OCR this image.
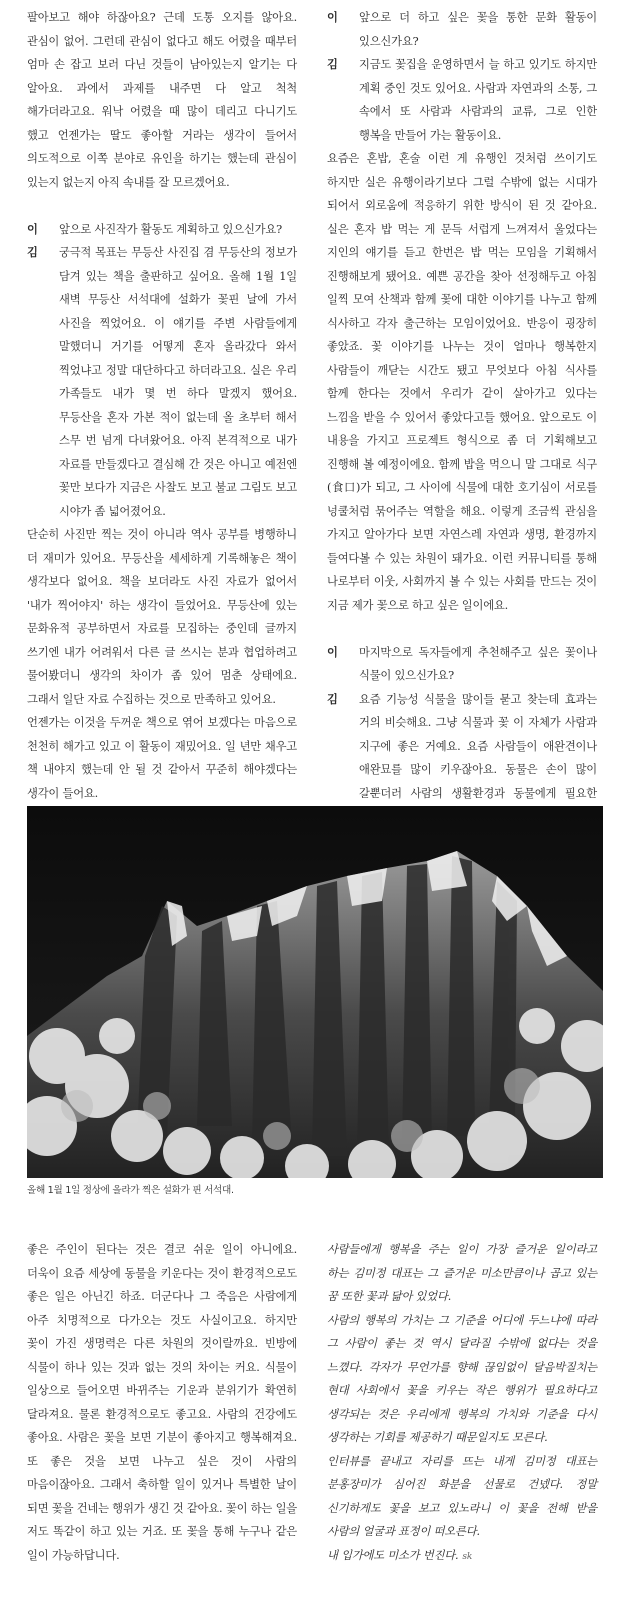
팔아보고 해야 하잖아요? 근데 도통 오지를 않아요. 관심이 없어. 그런데 관심이 없다고 해도 어렸을 때부터 엄마 손 잡고 보러 다닌 것들이 남아있는지 알기는 다 알아요. 과에서 과제를 내주면 다 알고 척척 해가더라고요. 워낙 어렸을 때 많이 데리고 다니기도 했고 언젠가는 딸도 좋아할 거라는 생각이 들어서 의도적으로 이쪽 분야로 유인을 하기는 했는데 관심이 있는지 없는지 아직 속내를 잘 모르겠어요.

이	앞으로 사진작가 활동도 계획하고 있으신가요?
김	궁극적 목표는 무등산 사진집 겸 무등산의 정보가 담겨 있는 책을 출판하고 싶어요. 올해 1월 1일 새벽 무등산 서석대에 설화가 꽃핀 날에 가서 사진을 찍었어요. 이 얘기를 주변 사람들에게 말했더니 거기를 어떻게 혼자 올라갔다 와서 찍었냐고 정말 대단하다고 하더라고요. 실은 우리 가족들도 내가 몇 번 하다 말겠지 했어요. 무등산을 혼자 가본 적이 없는데 올 초부터 해서 스무 번 넘게 다녀왔어요. 아직 본격적으로 내가 자료를 만들겠다고 결심해 간 것은 아니고 예전엔 꽃만 보다가 지금은 사찰도 보고 불교 그림도 보고 시야가 좀 넓어졌어요.

단순히 사진만 찍는 것이 아니라 역사 공부를 병행하니 더 재미가 있어요. 무등산을 세세하게 기록해놓은 책이 생각보다 없어요. 책을 보더라도 사진 자료가 없어서 '내가 찍어야지' 하는 생각이 들었어요. 무등산에 있는 문화유적 공부하면서 자료를 모집하는 중인데 글까지 쓰기엔 내가 어려워서 다른 글 쓰시는 분과 협업하려고 물어봤더니 생각의 차이가 좀 있어 멈춘 상태에요. 그래서 일단 자료 수집하는 것으로 만족하고 있어요.

언젠가는 이것을 두꺼운 책으로 엮어 보겠다는 마음으로 천천히 해가고 있고 이 활동이 재밌어요. 일 년만 채우고 책 내야지 했는데 안 될 것 같아서 꾸준히 해야겠다는 생각이 들어요.

이	앞으로 더 하고 싶은 꽃을 통한 문화 활동이 있으신가요?
김	지금도 꽃집을 운영하면서 늘 하고 있기도 하지만 계획 중인 것도 있어요. 사람과 자연과의 소통, 그 속에서 또 사람과 사람과의 교류, 그로 인한 행복을 만들어 가는 활동이요.

요즘은 혼밥, 혼술 이런 게 유행인 것처럼 쓰이기도 하지만 실은 유행이라기보다 그럴 수밖에 없는 시대가 되어서 외로움에 적응하기 위한 방식이 된 것 같아요. 실은 혼자 밥 먹는 게 문득 서럽게 느껴져서 울었다는 지인의 얘기를 듣고 한번은 밥 먹는 모임을 기획해서 진행해보게 됐어요. 예쁜 공간을 찾아 선정해두고 아침 일찍 모여 산책과 함께 꽃에 대한 이야기를 나누고 함께 식사하고 각자 출근하는 모임이었어요. 반응이 굉장히 좋았죠. 꽃 이야기를 나누는 것이 얼마나 행복한지 사람들이 깨닫는 시간도 됐고 무엇보다 아침 식사를 함께 한다는 것에서 우리가 같이 살아가고 있다는 느낌을 받을 수 있어서 좋았다고들 했어요. 앞으로도 이 내용을 가지고 프로젝트 형식으로 좀 더 기획해보고 진행해 볼 예정이에요. 함께 밥을 먹으니 말 그대로 식구(食口)가 되고, 그 사이에 식물에 대한 호기심이 서로를 넝쿨처럼 묶어주는 역할을 해요. 이렇게 조금씩 관심을 가지고 알아가다 보면 자연스레 자연과 생명, 환경까지 들여다볼 수 있는 차원이 돼가요. 이런 커뮤니티를 통해 나로부터 이웃, 사회까지 볼 수 있는 사회를 만드는 것이 지금 제가 꽃으로 하고 싶은 일이에요.

이	마지막으로 독자들에게 추천해주고 싶은 꽃이나 식물이 있으신가요?
김	요즘 기능성 식물을 많이들 묻고 찾는데 효과는 거의 비슷해요. 그냥 식물과 꽃 이 자체가 사람과 지구에 좋은 거예요. 요즘 사람들이 애완견이나 애완묘를 많이 키우잖아요. 동물은 손이 많이 갈뿐더러 사람의 생활환경과 동물에게 필요한
올해 1월 1일 정상에 올라가 찍은 설화가 핀 서석대.

좋은 주인이 된다는 것은 결코 쉬운 일이 아니에요. 더욱이 요즘 세상에 동물을 키운다는 것이 환경적으로도 좋은 일은 아닌긴 하죠. 더군다나 그 죽음은 사람에게 아주 치명적으로 다가오는 것도 사실이고요. 하지만 꽃이 가진 생명력은 다른 차원의 것이랄까요. 빈방에 식물이 하나 있는 것과 없는 것의 차이는 커요. 식물이 일상으로 들어오면 바뀌주는 기운과 분위기가 확연히 달라져요. 물론 환경적으로도 좋고요. 사람의 건강에도 좋아요. 사람은 꽃을 보면 기분이 좋아지고 행복해져요. 또 좋은 것을 보면 나누고 싶은 것이 사람의 마음이잖아요. 그래서 축하할 일이 있거나 특별한 날이 되면 꽃을 건네는 행위가 생긴 것 같아요. 꽃이 하는 일을 저도 똑같이 하고 있는 거죠. 또 꽃을 통해 누구나 같은 일이 가능하답니다.

사람들에게 행복을 주는 일이 가장 즐거운 일이라고 하는 김미정 대표는 그 즐거운 미소만큼이나 곱고 있는 꿈 또한 꽃과 닮아 있었다.

사람의 행복의 가치는 그 기준을 어디에 두느냐에 따라 그 사람이 좋는 것 역시 달라질 수밖에 없다는 것을 느꼈다. 각자가 무언가를 향해 끊임없이 달음박질치는 현대 사회에서 꽃을 키우는 작은 행위가 필요하다고 생각되는 것은 우리에게 행복의 가치와 기준을 다시 생각하는 기회를 제공하기 때문일지도 모른다.

인터뷰를 끝내고 자리를 뜨는 내게 김미정 대표는 분홍장미가 심어진 화분을 선물로 건넸다. 정말 신기하게도 꽃을 보고 있노라니 이 꽃을 전해 받을 사람의 얼굴과 표정이 떠오른다.

내 입가에도 미소가 번진다. sk
